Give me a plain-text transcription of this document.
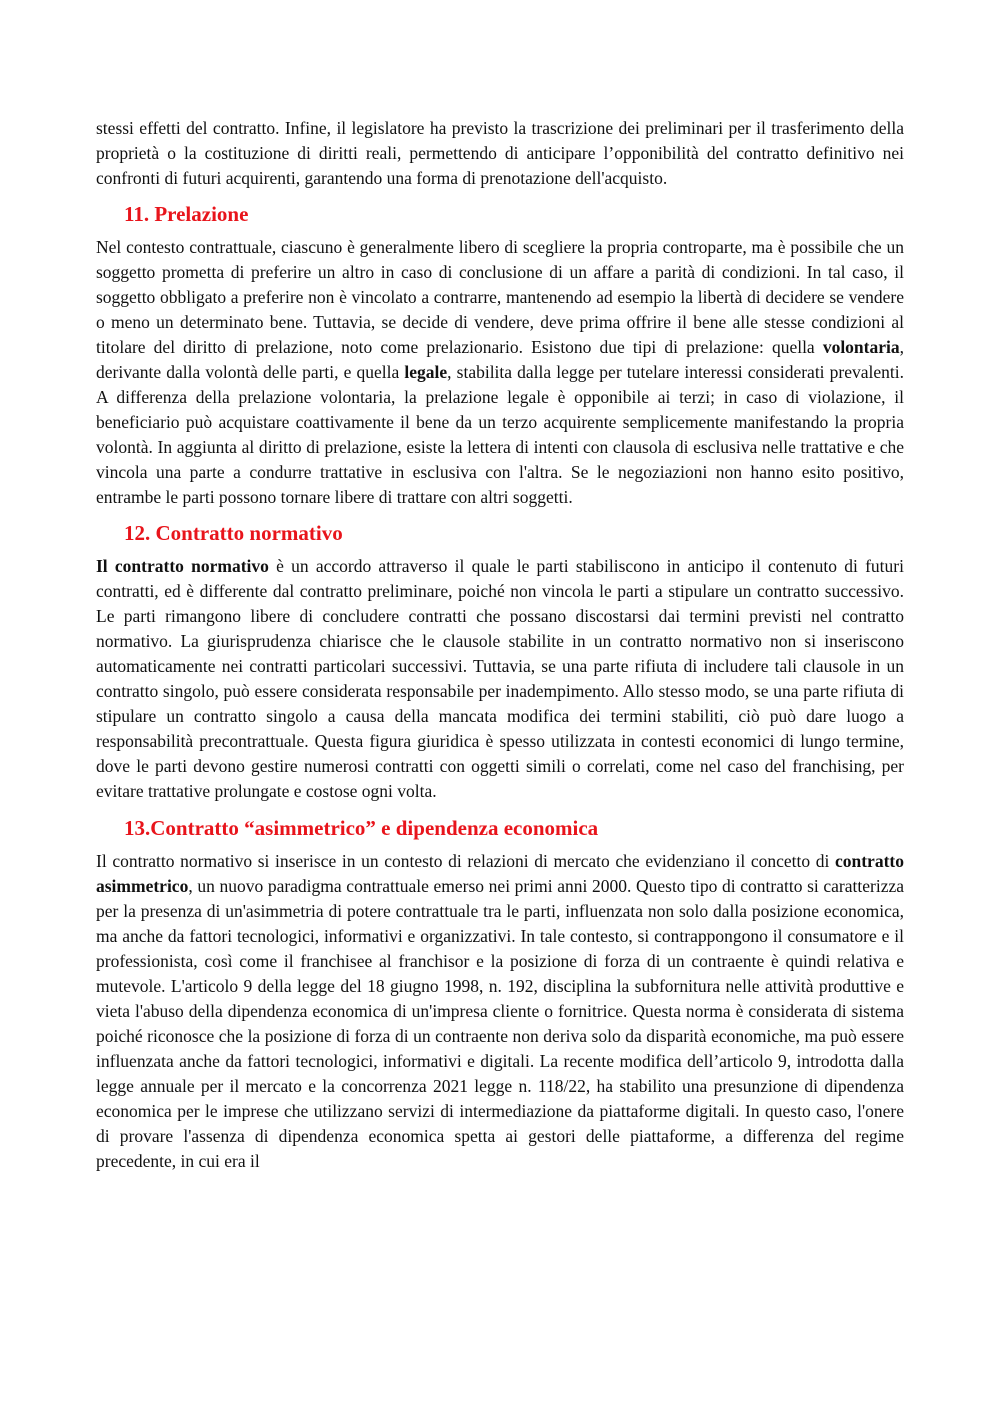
stessi effetti del contratto. Infine, il legislatore ha previsto la trascrizione dei preliminari per il trasferimento della proprietà o la costituzione di diritti reali, permettendo di anticipare l’opponibilità del contratto definitivo nei confronti di futuri acquirenti, garantendo una forma di prenotazione dell'acquisto.

11. Prelazione

Nel contesto contrattuale, ciascuno è generalmente libero di scegliere la propria controparte, ma è possibile che un soggetto prometta di preferire un altro in caso di conclusione di un affare a parità di condizioni. In tal caso, il soggetto obbligato a preferire non è vincolato a contrarre, mantenendo ad esempio la libertà di decidere se vendere o meno un determinato bene. Tuttavia, se decide di vendere, deve prima offrire il bene alle stesse condizioni al titolare del diritto di prelazione, noto come prelazionario. Esistono due tipi di prelazione: quella volontaria, derivante dalla volontà delle parti, e quella legale, stabilita dalla legge per tutelare interessi considerati prevalenti. A differenza della prelazione volontaria, la prelazione legale è opponibile ai terzi; in caso di violazione, il beneficiario può acquistare coattivamente il bene da un terzo acquirente semplicemente manifestando la propria volontà. In aggiunta al diritto di prelazione, esiste la lettera di intenti con clausola di esclusiva nelle trattative e che vincola una parte a condurre trattative in esclusiva con l'altra. Se le negoziazioni non hanno esito positivo, entrambe le parti possono tornare libere di trattare con altri soggetti.

12. Contratto normativo

Il contratto normativo è un accordo attraverso il quale le parti stabiliscono in anticipo il contenuto di futuri contratti, ed è differente dal contratto preliminare, poiché non vincola le parti a stipulare un contratto successivo. Le parti rimangono libere di concludere contratti che possano discostarsi dai termini previsti nel contratto normativo. La giurisprudenza chiarisce che le clausole stabilite in un contratto normativo non si inseriscono automaticamente nei contratti particolari successivi. Tuttavia, se una parte rifiuta di includere tali clausole in un contratto singolo, può essere considerata responsabile per inadempimento. Allo stesso modo, se una parte rifiuta di stipulare un contratto singolo a causa della mancata modifica dei termini stabiliti, ciò può dare luogo a responsabilità precontrattuale. Questa figura giuridica è spesso utilizzata in contesti economici di lungo termine, dove le parti devono gestire numerosi contratti con oggetti simili o correlati, come nel caso del franchising, per evitare trattative prolungate e costose ogni volta.

13.Contratto “asimmetrico” e dipendenza economica

Il contratto normativo si inserisce in un contesto di relazioni di mercato che evidenziano il concetto di contratto asimmetrico, un nuovo paradigma contrattuale emerso nei primi anni 2000. Questo tipo di contratto si caratterizza per la presenza di un'asimmetria di potere contrattuale tra le parti, influenzata non solo dalla posizione economica, ma anche da fattori tecnologici, informativi e organizzativi. In tale contesto, si contrappongono il consumatore e il professionista, così come il franchisee al franchisor e la posizione di forza di un contraente è quindi relativa e mutevole. L'articolo 9 della legge del 18 giugno 1998, n. 192, disciplina la subfornitura nelle attività produttive e vieta l'abuso della dipendenza economica di un'impresa cliente o fornitrice. Questa norma è considerata di sistema poiché riconosce che la posizione di forza di un contraente non deriva solo da disparità economiche, ma può essere influenzata anche da fattori tecnologici, informativi e digitali. La recente modifica dell’articolo 9, introdotta dalla legge annuale per il mercato e la concorrenza 2021 legge n. 118/22, ha stabilito una presunzione di dipendenza economica per le imprese che utilizzano servizi di intermediazione da piattaforme digitali. In questo caso, l'onere di provare l'assenza di dipendenza economica spetta ai gestori delle piattaforme, a differenza del regime precedente, in cui era il
